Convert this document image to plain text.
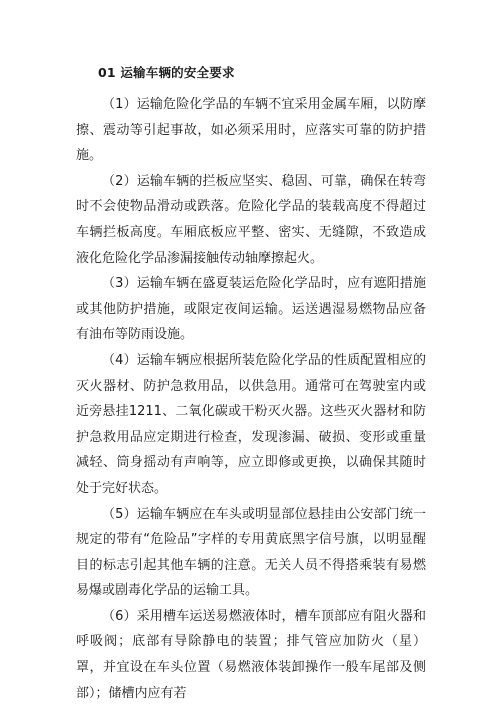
01 运输车辆的安全要求

（1）运输危险化学品的车辆不宜采用金属车厢，以防摩擦、震动等引起事故，如必须采用时，应落实可靠的防护措施。

（2）运输车辆的拦板应坚实、稳固、可靠，确保在转弯时不会使物品滑动或跌落。危险化学品的装载高度不得超过车辆拦板高度。车厢底板应平整、密实、无缝隙，不致造成液化危险化学品渗漏接触传动轴摩擦起火。

（3）运输车辆在盛夏装运危险化学品时，应有遮阳措施或其他防护措施，或限定夜间运输。运送遇湿易燃物品应备有油布等防雨设施。

（4）运输车辆应根据所装危险化学品的性质配置相应的灭火器材、防护急救用品，以供急用。通常可在驾驶室内或近旁悬挂1211、二氧化碳或干粉灭火器。这些灭火器材和防护急救用品应定期进行检查，发现渗漏、破损、变形或重量减轻、筒身摇动有声响等，应立即修或更换，以确保其随时处于完好状态。

（5）运输车辆应在车头或明显部位悬挂由公安部门统一规定的带有“危险品”字样的专用黄底黑字信号旗，以明显醒目的标志引起其他车辆的注意。无关人员不得搭乘装有易燃易爆或剧毒化学品的运输工具。

（6）采用槽车运送易燃液体时，槽车顶部应有阻火器和呼吸阀；底部有导除静电的装置；排气管应加防火（星）罩，并宜设在车头位置（易燃液体装卸操作一般车尾部及侧部）；储槽内应有若
